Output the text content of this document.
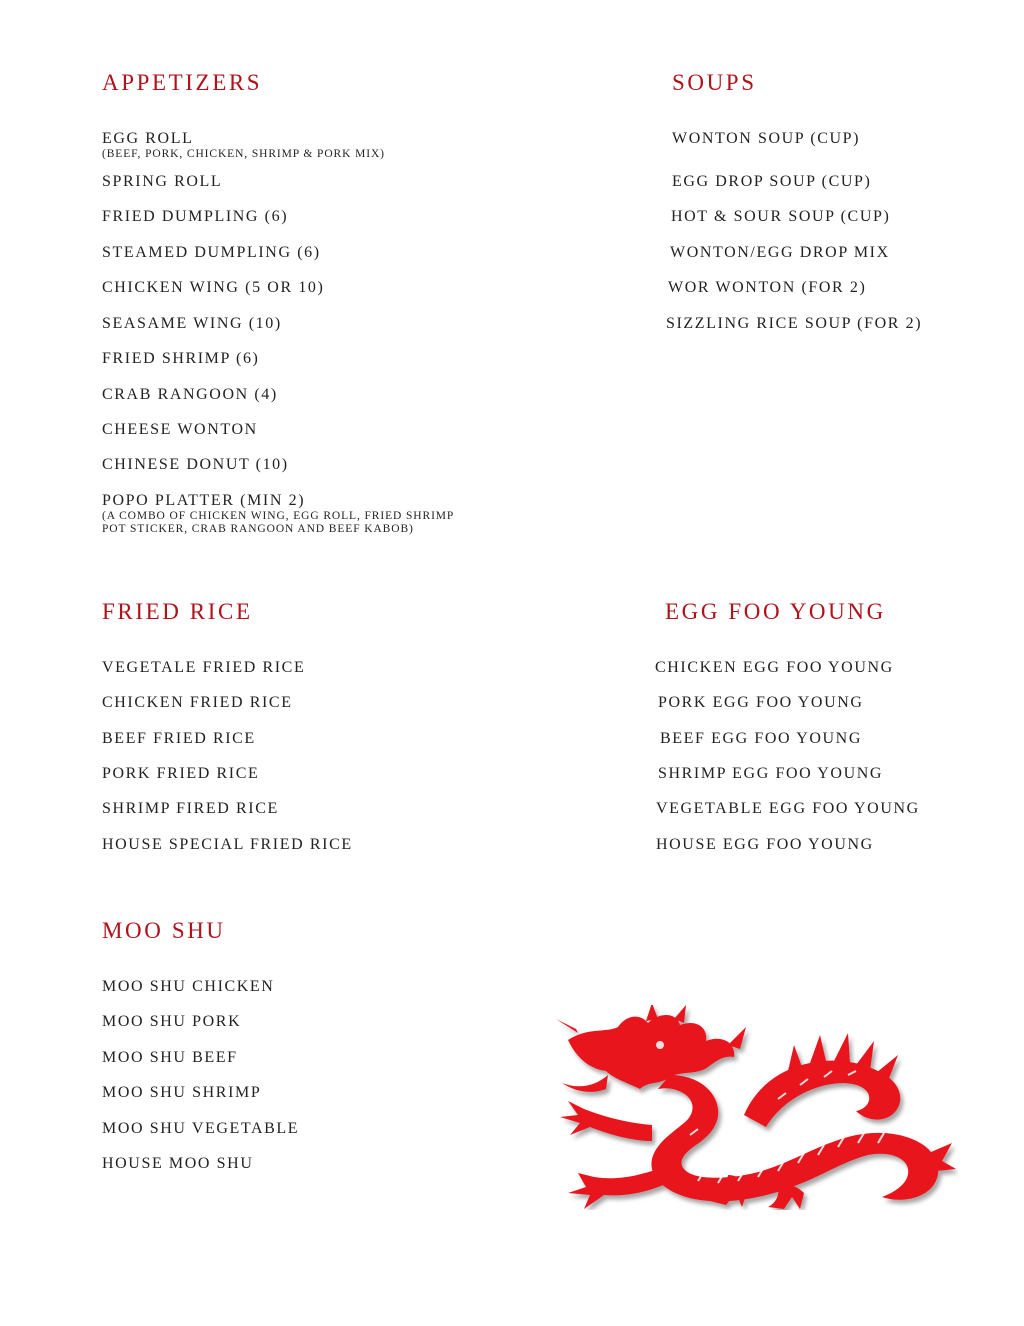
APPETIZERS
EGG ROLL
(BEEF, PORK, CHICKEN, SHRIMP & PORK MIX)
SPRING ROLL
FRIED DUMPLING (6)
STEAMED DUMPLING (6)
CHICKEN WING (5 OR 10)
SEASAME WING (10)
FRIED SHRIMP (6)
CRAB RANGOON (4)
CHEESE WONTON
CHINESE DONUT (10)
POPO PLATTER (MIN 2)
(A COMBO OF CHICKEN WING, EGG ROLL, FRIED SHRIMP
POT STICKER, CRAB RANGOON AND BEEF KABOB)
SOUPS
WONTON SOUP (CUP)
EGG DROP SOUP (CUP)
HOT & SOUR SOUP (CUP)
WONTON/EGG DROP MIX
WOR WONTON (FOR 2)
SIZZLING RICE SOUP (FOR 2)
FRIED RICE
VEGETALE FRIED RICE
CHICKEN FRIED RICE
BEEF FRIED RICE
PORK FRIED RICE
SHRIMP FIRED RICE
HOUSE SPECIAL FRIED RICE
EGG FOO YOUNG
CHICKEN EGG FOO YOUNG
PORK EGG FOO YOUNG
BEEF EGG FOO YOUNG
SHRIMP EGG FOO YOUNG
VEGETABLE EGG FOO YOUNG
HOUSE EGG FOO YOUNG
MOO SHU
MOO SHU CHICKEN
MOO SHU PORK
MOO SHU BEEF
MOO SHU SHRIMP
MOO SHU VEGETABLE
HOUSE MOO SHU
